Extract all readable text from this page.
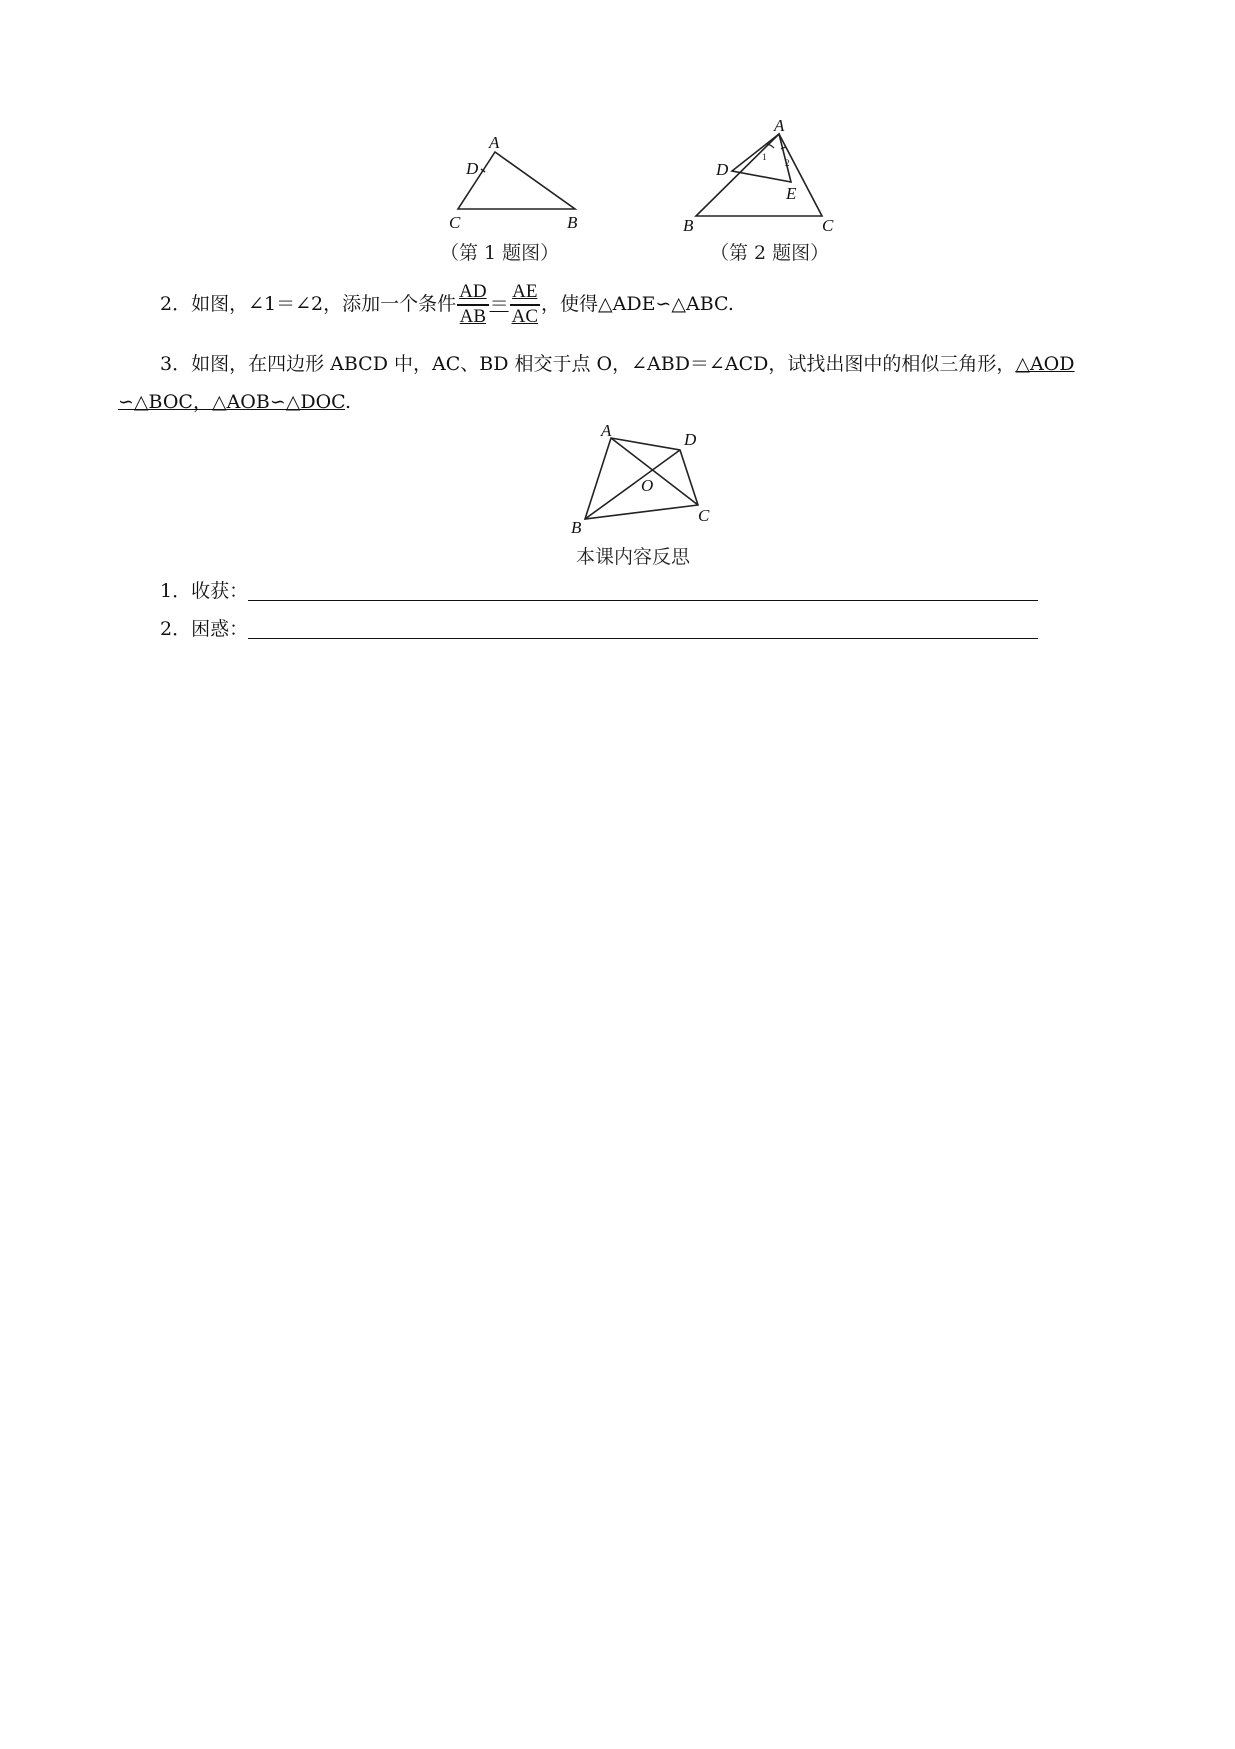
A
D
C	B
（第 1 题图）
A
D
E
B	C
1
2
（第 2 题图）
2．如图，∠1＝∠2，添加一个条件 $\frac{AD}{AB} = \frac{AE}{AC}$ ，使得△ADE∽△ABC.
3．如图，在四边形 ABCD 中，AC、BD 相交于点 O，∠ABD＝∠ACD，试找出图中的相似三角形，△AOD
∽△BOC，△AOB∽△DOC.
A	D
O
B
C
本课内容反思
1．收获：
2．困惑：
